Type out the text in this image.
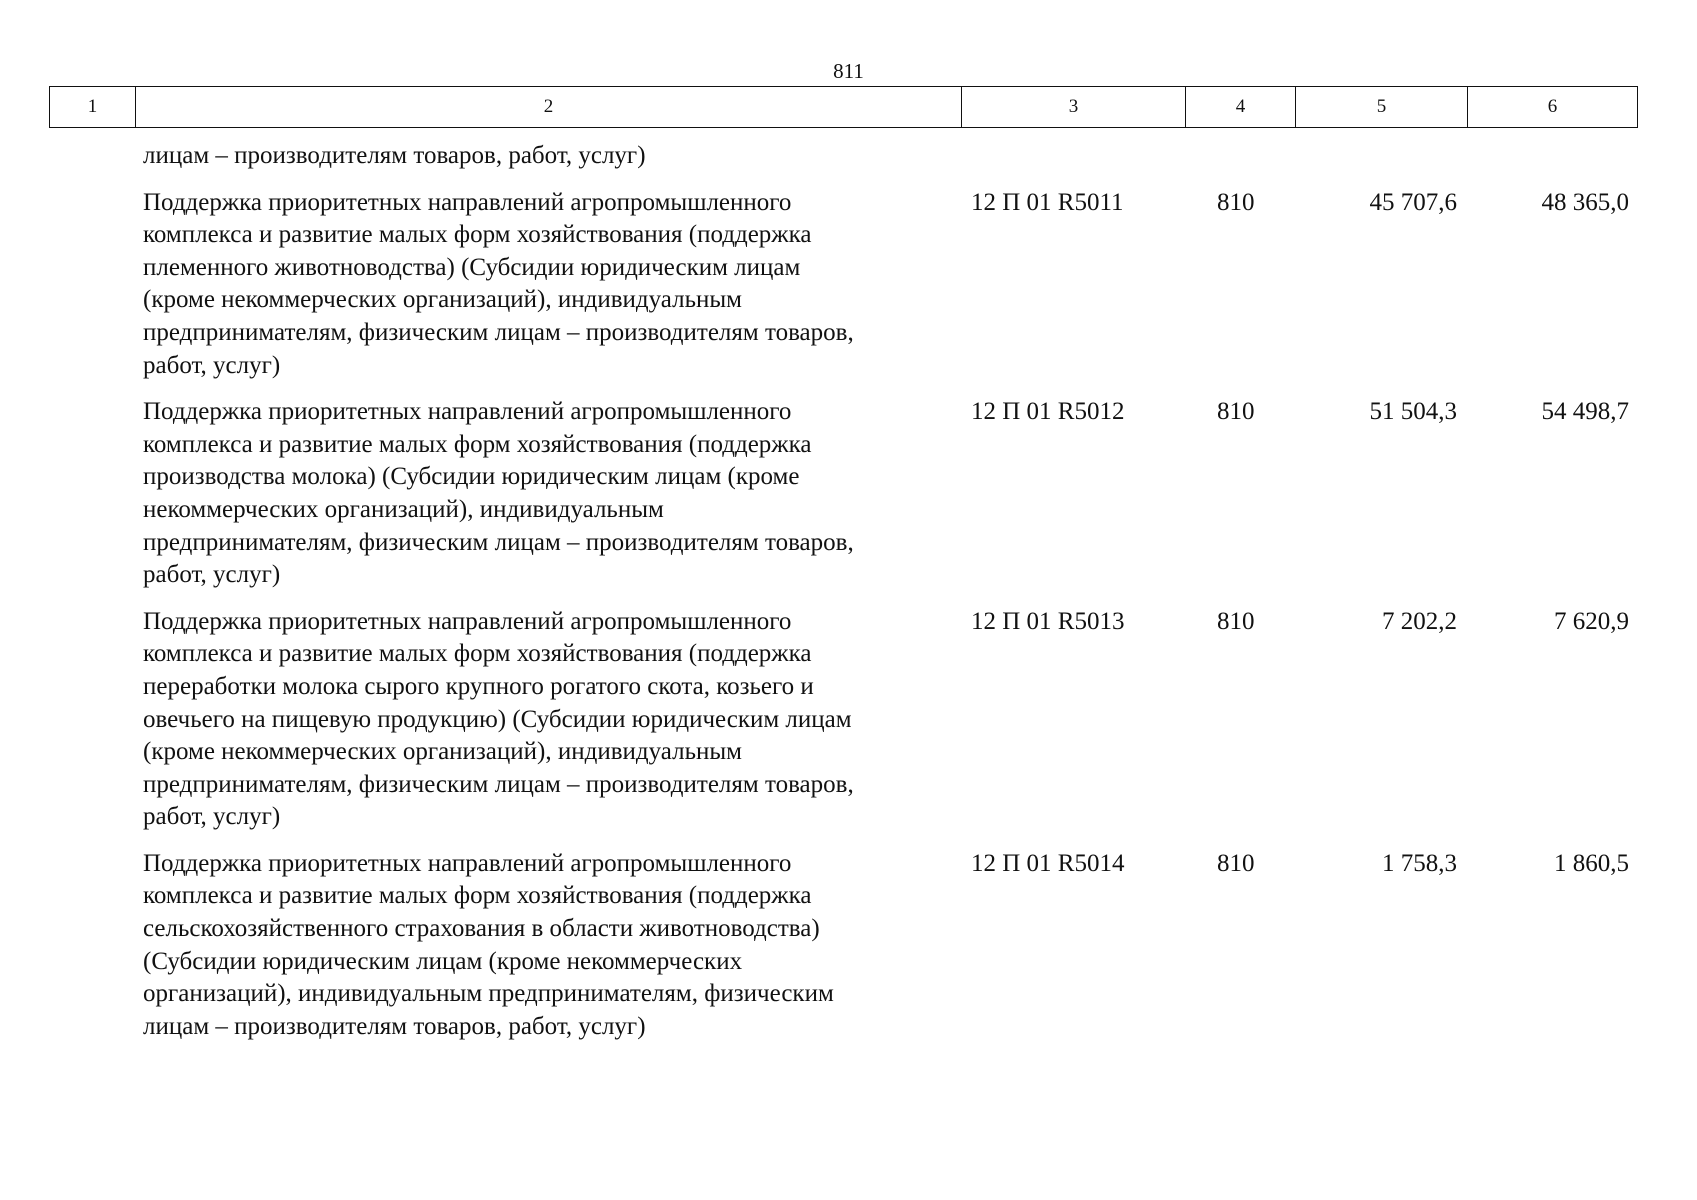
811
1	2	3	4	5	6
лицам – производителям товаров, работ, услуг)
Поддержка приоритетных направлений агропромышленного
комплекса и развитие малых форм хозяйствования (поддержка
племенного животноводства) (Субсидии юридическим лицам
(кроме некоммерческих организаций), индивидуальным
предпринимателям, физическим лицам – производителям товаров,
работ, услуг)
12 П 01 R5011	810	45 707,6	48 365,0
Поддержка приоритетных направлений агропромышленного
комплекса и развитие малых форм хозяйствования (поддержка
производства молока) (Субсидии юридическим лицам (кроме
некоммерческих организаций), индивидуальным
предпринимателям, физическим лицам – производителям товаров,
работ, услуг)
12 П 01 R5012	810	51 504,3	54 498,7
Поддержка приоритетных направлений агропромышленного
комплекса и развитие малых форм хозяйствования (поддержка
переработки молока сырого крупного рогатого скота, козьего и
овечьего на пищевую продукцию) (Субсидии юридическим лицам
(кроме некоммерческих организаций), индивидуальным
предпринимателям, физическим лицам – производителям товаров,
работ, услуг)
12 П 01 R5013	810	7 202,2	7 620,9
Поддержка приоритетных направлений агропромышленного
комплекса и развитие малых форм хозяйствования (поддержка
сельскохозяйственного страхования в области животноводства)
(Субсидии юридическим лицам (кроме некоммерческих
организаций), индивидуальным предпринимателям, физическим
лицам – производителям товаров, работ, услуг)
12 П 01 R5014	810	1 758,3	1 860,5
